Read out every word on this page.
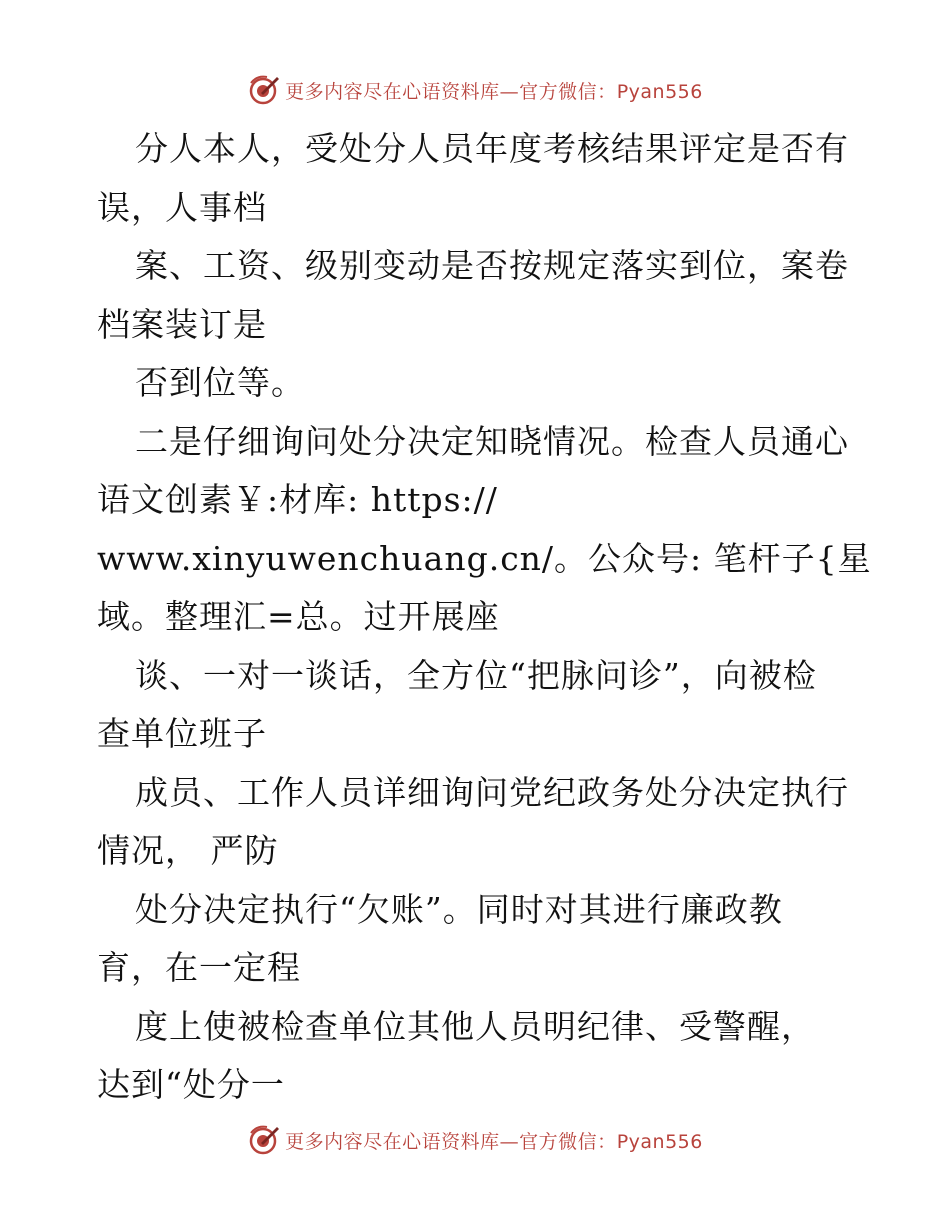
更多内容尽在心语资料库—官方微信：Pyan556
分人本人，受处分人员年度考核结果评定是否有
误，人事档
案、工资、级别变动是否按规定落实到位，案卷
档案装订是
否到位等。
二是仔细询问处分决定知晓情况。检查人员通心
语文创素￥:材库: https://
www.xinyuwenchuang.cn/。公众号: 笔杆子{星
域。整理汇=总。过开展座
谈、一对一谈话，全方位“把脉问诊”，向被检
查单位班子
成员、工作人员详细询问党纪政务处分决定执行
情况， 严防
处分决定执行“欠账”。同时对其进行廉政教
育，在一定程
度上使被检查单位其他人员明纪律、受警醒，
达到“处分一
更多内容尽在心语资料库—官方微信：Pyan556
